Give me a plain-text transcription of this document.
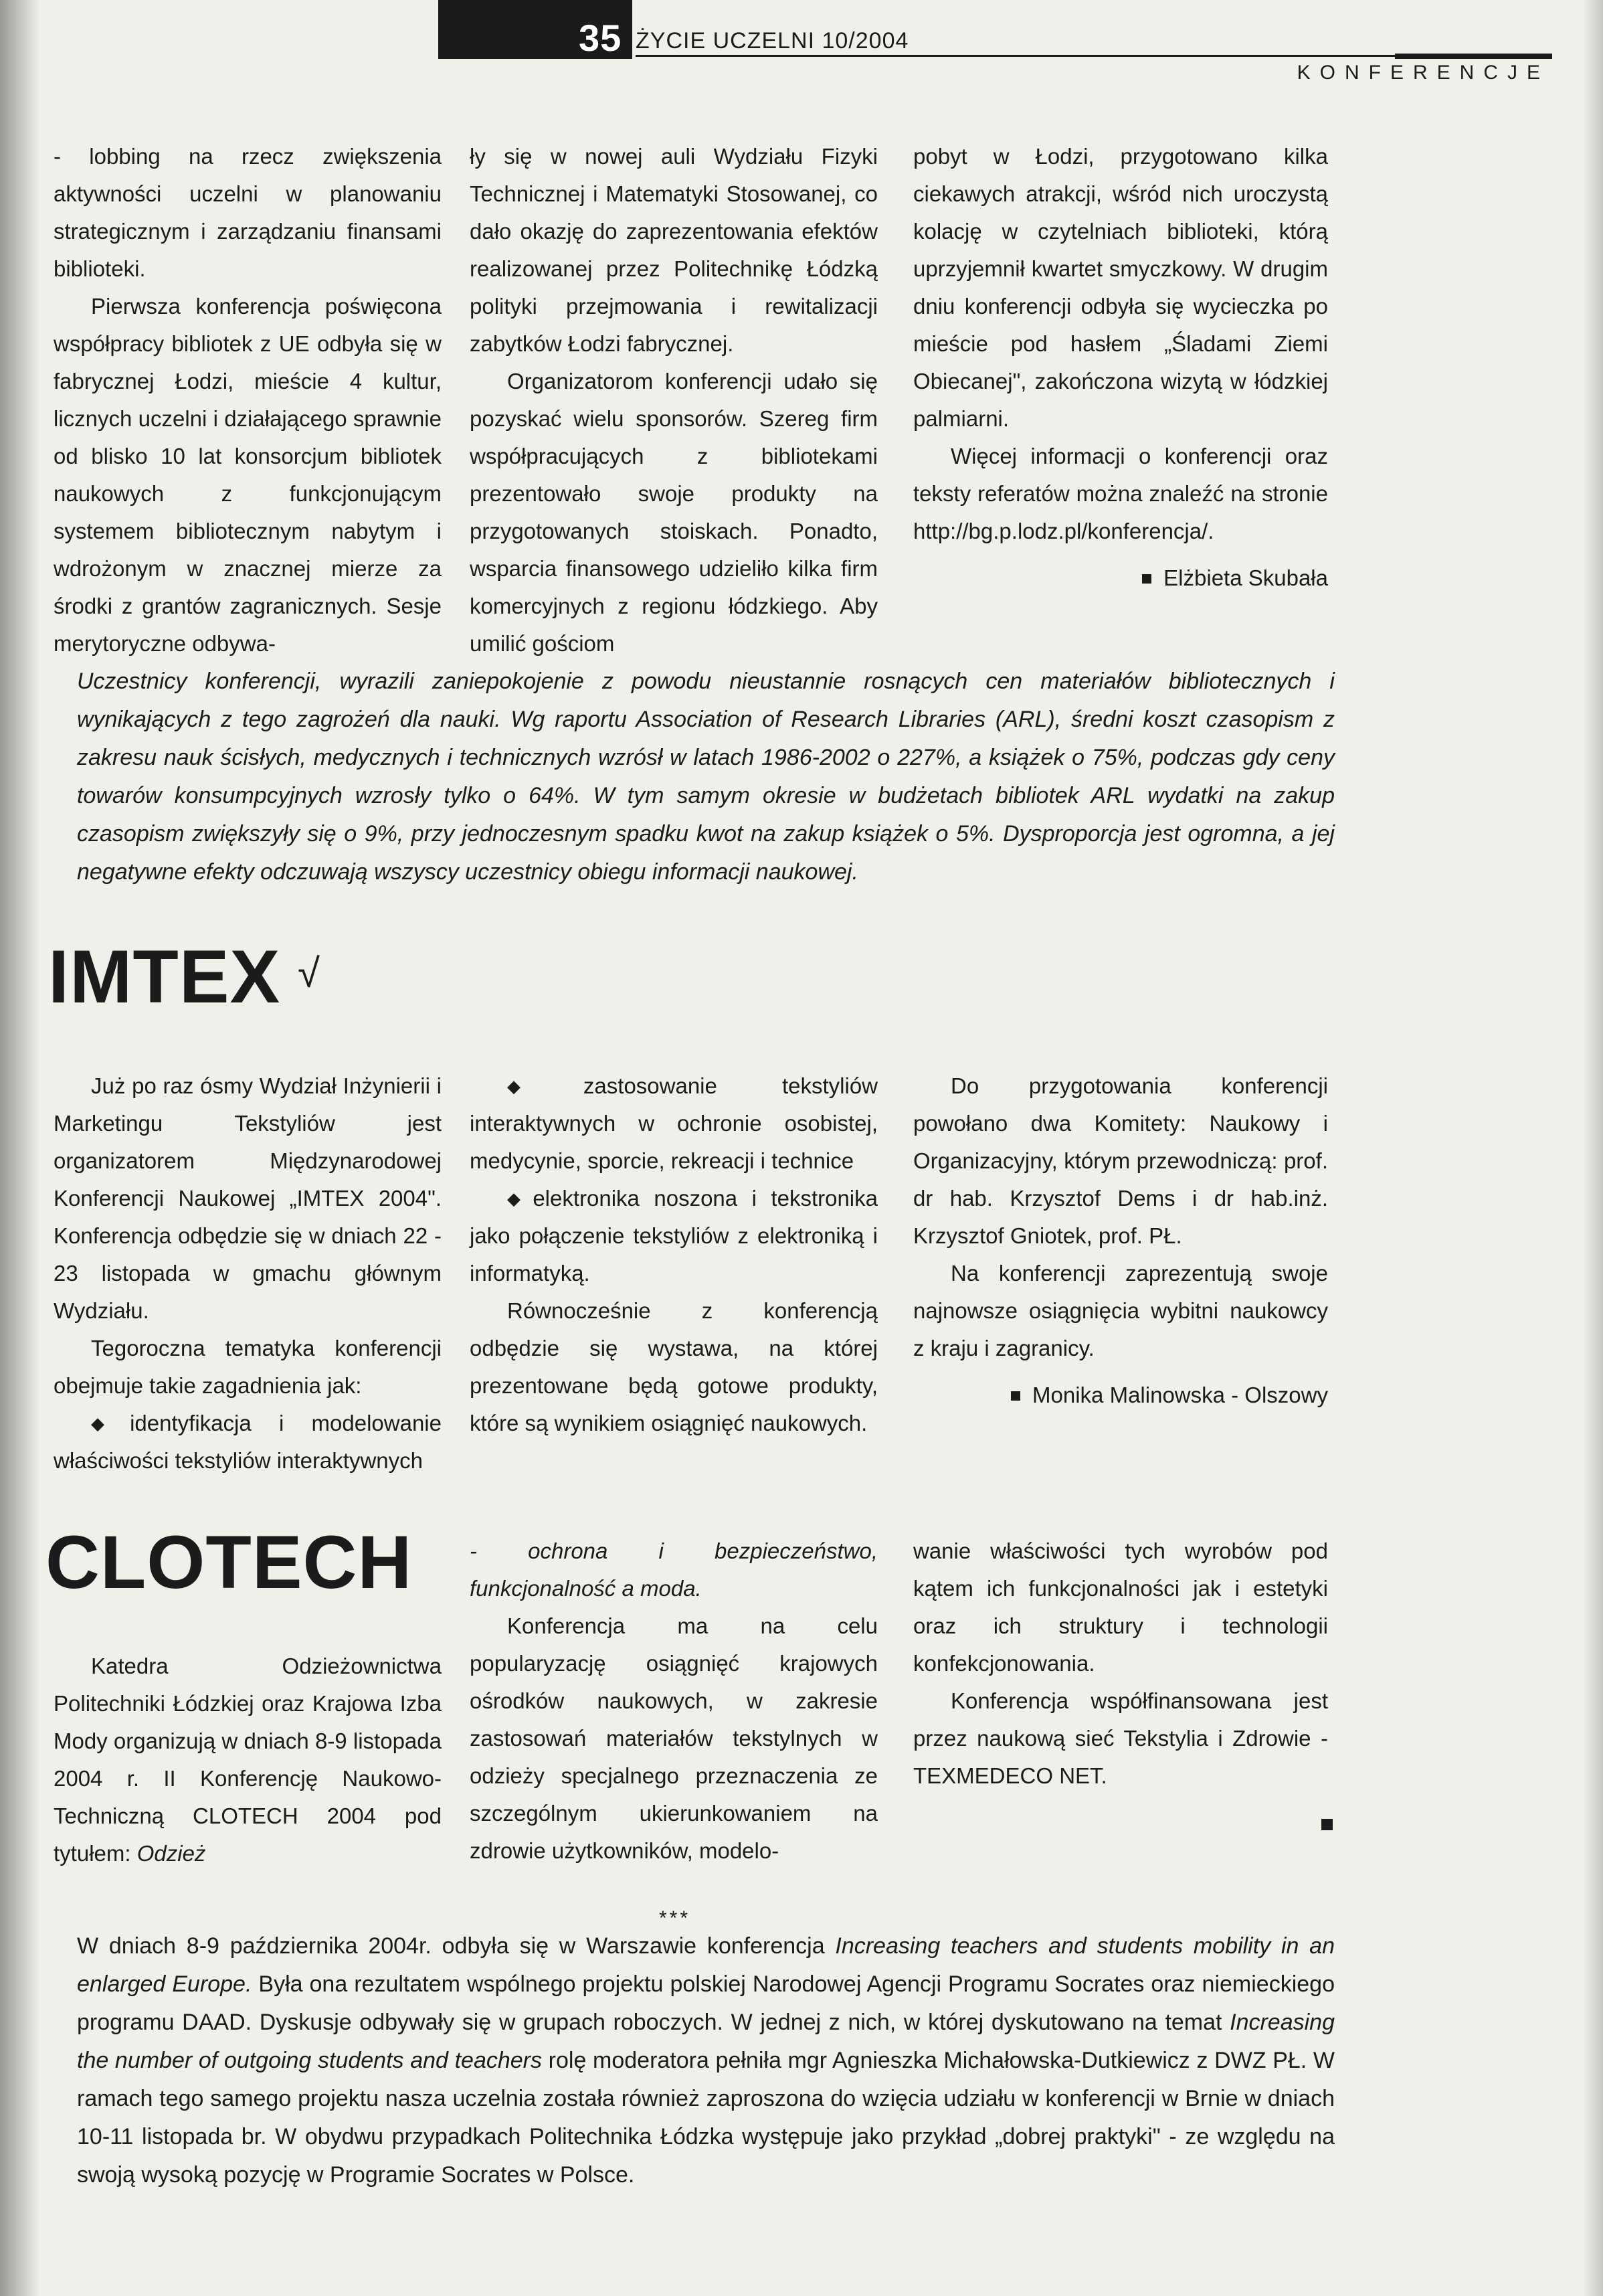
35 ŻYCIE UCZELNI 10/2004
KONFERENCJE

- lobbing na rzecz zwiększenia aktywności uczelni w planowaniu strategicznym i zarządzaniu finansami biblioteki.

Pierwsza konferencja poświęcona współpracy bibliotek z UE odbyła się w fabrycznej Łodzi, mieście 4 kultur, licznych uczelni i działającego sprawnie od blisko 10 lat konsorcjum bibliotek naukowych z funkcjonującym systemem bibliotecznym nabytym i wdrożonym w znacznej mierze za środki z grantów zagranicznych. Sesje merytoryczne odbywa-

ły się w nowej auli Wydziału Fizyki Technicznej i Matematyki Stosowanej, co dało okazję do zaprezentowania efektów realizowanej przez Politechnikę Łódzką polityki przejmowania i rewitalizacji zabytków Łodzi fabrycznej.

Organizatorom konferencji udało się pozyskać wielu sponsorów. Szereg firm współpracujących z bibliotekami prezentowało swoje produkty na przygotowanych stoiskach. Ponadto, wsparcia finansowego udzieliło kilka firm komercyjnych z regionu łódzkiego. Aby umilić gościom

pobyt w Łodzi, przygotowano kilka ciekawych atrakcji, wśród nich uroczystą kolację w czytelniach biblioteki, którą uprzyjemnił kwartet smyczkowy. W drugim dniu konferencji odbyła się wycieczka po mieście pod hasłem „Śladami Ziemi Obiecanej", zakończona wizytą w łódzkiej palmiarni.

Więcej informacji o konferencji oraz teksty referatów można znaleźć na stronie http://bg.p.lodz.pl/konferencja/.

Elżbieta Skubała

Uczestnicy konferencji, wyrazili zaniepokojenie z powodu nieustannie rosnących cen materiałów bibliotecznych i wynikających z tego zagrożeń dla nauki. Wg raportu Association of Research Libraries (ARL), średni koszt czasopism z zakresu nauk ścisłych, medycznych i technicznych wzrósł w latach 1986-2002 o 227%, a książek o 75%, podczas gdy ceny towarów konsumpcyjnych wzrosły tylko o 64%. W tym samym okresie w budżetach bibliotek ARL wydatki na zakup czasopism zwiększyły się o 9%, przy jednoczesnym spadku kwot na zakup książek o 5%. Dysproporcja jest ogromna, a jej negatywne efekty odczuwają wszyscy uczestnicy obiegu informacji naukowej.

IMTEX √

Już po raz ósmy Wydział Inżynierii i Marketingu Tekstyliów jest organizatorem Międzynarodowej Konferencji Naukowej „IMTEX 2004". Konferencja odbędzie się w dniach 22 - 23 listopada w gmachu głównym Wydziału.

Tegoroczna tematyka konferencji obejmuje takie zagadnienia jak:

◆ identyfikacja i modelowanie właściwości tekstyliów interaktywnych

◆ zastosowanie tekstyliów interaktywnych w ochronie osobistej, medycynie, sporcie, rekreacji i technice

◆ elektronika noszona i tekstronika jako połączenie tekstyliów z elektroniką i informatyką.

Równocześnie z konferencją odbędzie się wystawa, na której prezentowane będą gotowe produkty, które są wynikiem osiągnięć naukowych.

Do przygotowania konferencji powołano dwa Komitety: Naukowy i Organizacyjny, którym przewodniczą: prof. dr hab. Krzysztof Dems i dr hab.inż. Krzysztof Gniotek, prof. PŁ.

Na konferencji zaprezentują swoje najnowsze osiągnięcia wybitni naukowcy z kraju i zagranicy.

Monika Malinowska - Olszowy

CLOTECH

Katedra Odzieżownictwa Politechniki Łódzkiej oraz Krajowa Izba Mody organizują w dniach 8-9 listopada 2004 r. II Konferencję Naukowo-Techniczną CLOTECH 2004 pod tytułem: Odzież

- ochrona i bezpieczeństwo, funkcjonalność a moda.

Konferencja ma na celu popularyzację osiągnięć krajowych ośrodków naukowych, w zakresie zastosowań materiałów tekstylnych w odzieży specjalnego przeznaczenia ze szczególnym ukierunkowaniem na zdrowie użytkowników, modelo-

wanie właściwości tych wyrobów pod kątem ich funkcjonalności jak i estetyki oraz ich struktury i technologii konfekcjonowania.

Konferencja współfinansowana jest przez naukową sieć Tekstylia i Zdrowie - TEXMEDECO NET.

***

W dniach 8-9 października 2004r. odbyła się w Warszawie konferencja Increasing teachers and students mobility in an enlarged Europe. Była ona rezultatem wspólnego projektu polskiej Narodowej Agencji Programu Socrates oraz niemieckiego programu DAAD. Dyskusje odbywały się w grupach roboczych. W jednej z nich, w której dyskutowano na temat Increasing the number of outgoing students and teachers rolę moderatora pełniła mgr Agnieszka Michałowska-Dutkiewicz z DWZ PŁ. W ramach tego samego projektu nasza uczelnia została również zaproszona do wzięcia udziału w konferencji w Brnie w dniach 10-11 listopada br. W obydwu przypadkach Politechnika Łódzka występuje jako przykład „dobrej praktyki" - ze względu na swoją wysoką pozycję w Programie Socrates w Polsce.
